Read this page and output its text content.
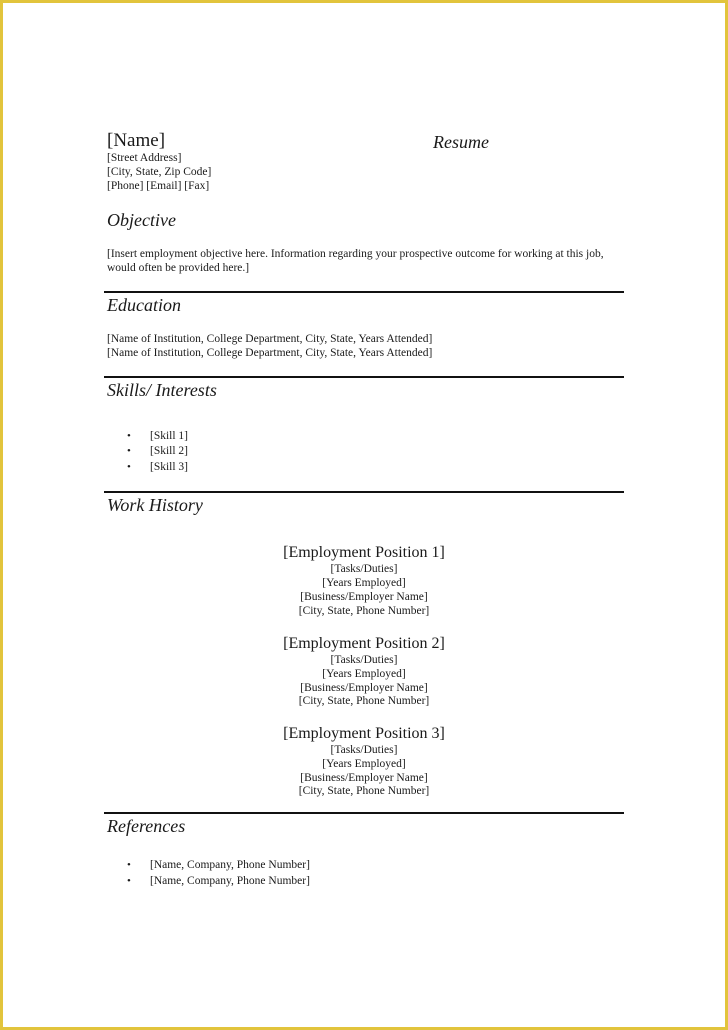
[Name]	Resume
[Street Address]
[City, State, Zip Code]
[Phone] [Email] [Fax]
Objective
[Insert employment objective here. Information regarding your prospective outcome for working at this job,
would often be provided here.]
Education
[Name of Institution, College Department, City, State, Years Attended]
[Name of Institution, College Department, City, State, Years Attended]
Skills/ Interests
• [Skill 1]
• [Skill 2]
• [Skill 3]
Work History
[Employment Position 1]
[Tasks/Duties]
[Years Employed]
[Business/Employer Name]
[City, State, Phone Number]
[Employment Position 2]
[Tasks/Duties]
[Years Employed]
[Business/Employer Name]
[City, State, Phone Number]
[Employment Position 3]
[Tasks/Duties]
[Years Employed]
[Business/Employer Name]
[City, State, Phone Number]
References
• [Name, Company, Phone Number]
• [Name, Company, Phone Number]
